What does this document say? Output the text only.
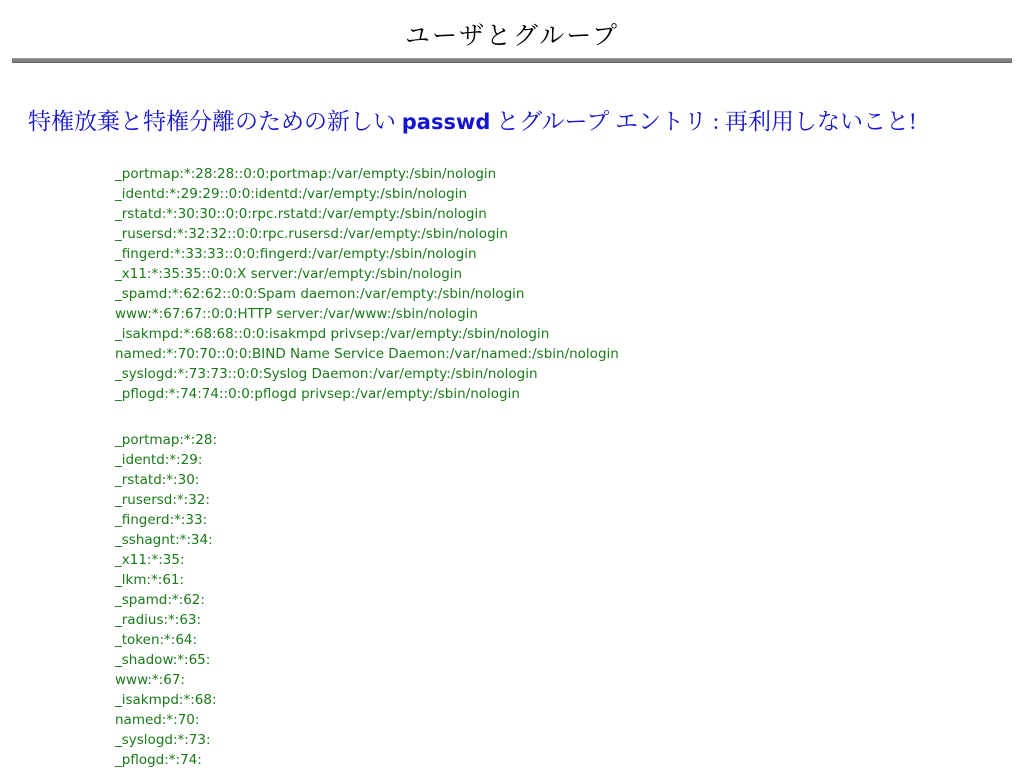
ユーザとグループ
特権放棄と特権分離のための新しい passwd とグループ エントリ : 再利用しないこと!
_portmap:*:28:28::0:0:portmap:/var/empty:/sbin/nologin
_identd:*:29:29::0:0:identd:/var/empty:/sbin/nologin
_rstatd:*:30:30::0:0:rpc.rstatd:/var/empty:/sbin/nologin
_rusersd:*:32:32::0:0:rpc.rusersd:/var/empty:/sbin/nologin
_fingerd:*:33:33::0:0:fingerd:/var/empty:/sbin/nologin
_x11:*:35:35::0:0:X server:/var/empty:/sbin/nologin
_spamd:*:62:62::0:0:Spam daemon:/var/empty:/sbin/nologin
www:*:67:67::0:0:HTTP server:/var/www:/sbin/nologin
_isakmpd:*:68:68::0:0:isakmpd privsep:/var/empty:/sbin/nologin
named:*:70:70::0:0:BIND Name Service Daemon:/var/named:/sbin/nologin
_syslogd:*:73:73::0:0:Syslog Daemon:/var/empty:/sbin/nologin
_pflogd:*:74:74::0:0:pflogd privsep:/var/empty:/sbin/nologin
_portmap:*:28:
_identd:*:29:
_rstatd:*:30:
_rusersd:*:32:
_fingerd:*:33:
_sshagnt:*:34:
_x11:*:35:
_lkm:*:61:
_spamd:*:62:
_radius:*:63:
_token:*:64:
_shadow:*:65:
www:*:67:
_isakmpd:*:68:
named:*:70:
_syslogd:*:73:
_pflogd:*:74:
